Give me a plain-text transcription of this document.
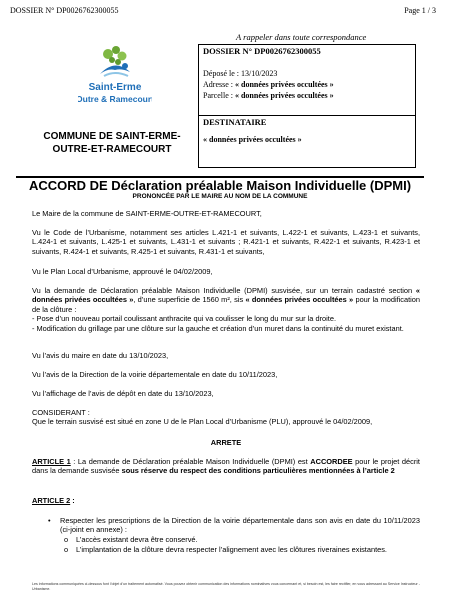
DOSSIER N° DP0026762300055	Page 1 / 3
Saint-Erme
Outre & Ramecourt
COMMUNE DE SAINT-ERME-
OUTRE-ET-RAMECOURT
A rappeler dans toute correspondance
DOSSIER N° DP0026762300055
Déposé le : 13/10/2023
Adresse : « données privées occultées »
Parcelle : « données privées occultées »
DESTINATAIRE
« données privées occultées »
ACCORD DE Déclaration préalable Maison Individuelle (DPMI)
PRONONCÉE PAR LE MAIRE AU NOM DE LA COMMUNE
Le Maire de la commune de SAINT-ERME-OUTRE-ET-RAMECOURT,
Vu le Code de l’Urbanisme, notamment ses articles L.421-1 et suivants, L.422-1 et suivants, L.423-1 et suivants, L.424-1 et suivants, L.425-1 et suivants, L.431-1 et suivants ; R.421-1 et suivants, R.422-1 et suivants, R.423-1 et suivants, R.424-1 et suivants, R.425-1 et suivants, R.431-1 et suivants,
Vu le Plan Local d’Urbanisme, approuvé le 04/02/2009,
Vu la demande de Déclaration préalable Maison Individuelle (DPMI) susvisée, sur un terrain cadastré section « données privées occultées », d’une superficie de 1560 m², sis « données privées occultées » pour la modification de la clôture :
- Pose d’un nouveau portail coulissant anthracite qui va coulisser le long du mur sur la droite.
- Modification du grillage par une clôture sur la gauche et création d’un muret dans la continuité du muret existant.
Vu l’avis du maire en date du 13/10/2023,
Vu l’avis de la Direction de la voirie départementale en date du 10/11/2023,
Vu l’affichage de l’avis de dépôt en date du 13/10/2023,
CONSIDERANT :
Que le terrain susvisé est situé en zone U de le Plan Local d’Urbanisme (PLU), approuvé le 04/02/2009,
ARRETE
ARTICLE 1 : La demande de Déclaration préalable Maison Individuelle (DPMI) est ACCORDEE pour le projet décrit dans la demande susvisée sous réserve du respect des conditions particulières mentionnées à l’article 2
ARTICLE 2 :
• Respecter les prescriptions de la Direction de la voirie départementale dans son avis en date du 10/11/2023 (ci-joint en annexe) :
o L’accès existant devra être conservé.
o L’implantation de la clôture devra respecter l’alignement avec les clôtures riveraines existantes.
Les informations communiquées ci-dessous font l’objet d’un traitement automatisé. Vous pouvez obtenir communication des informations nominatives vous concernant et, si besoin est, les faire rectifier, en vous adressant au Service Instructeur - Urbanisme.
